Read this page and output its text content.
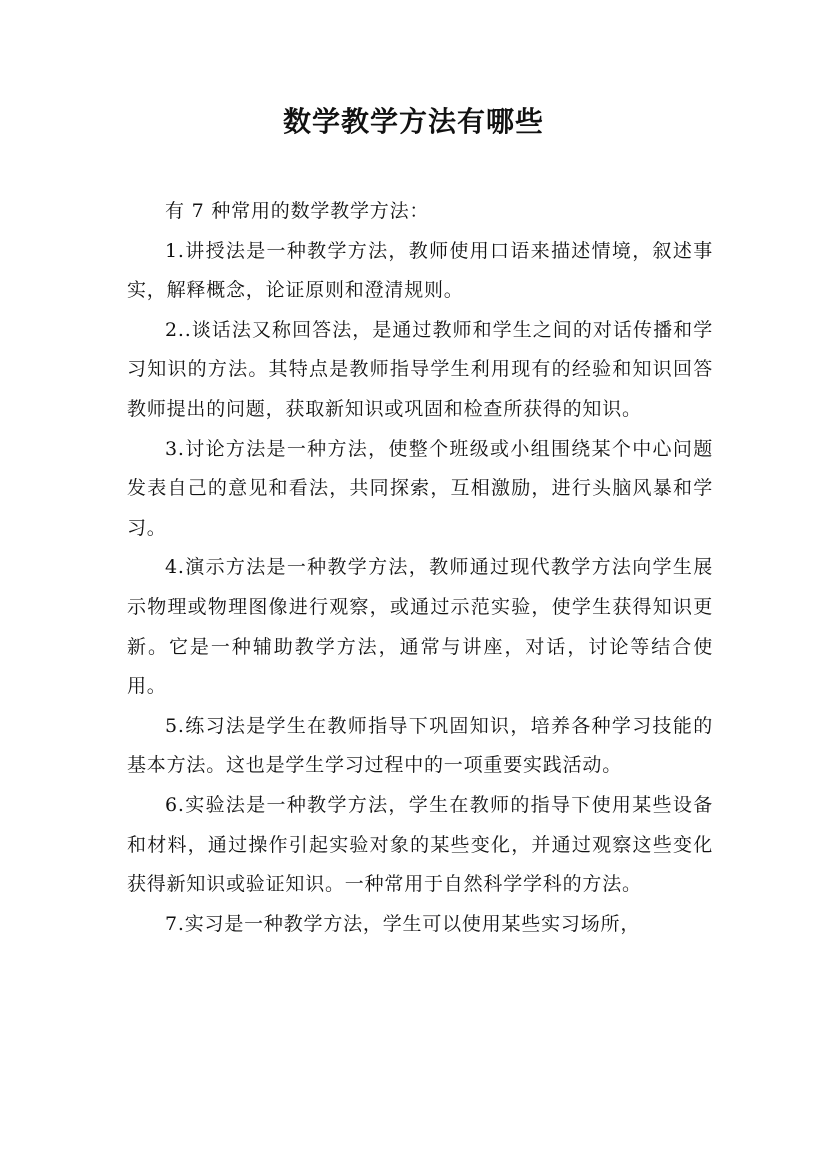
数学教学方法有哪些

有 7 种常用的数学教学方法：

1.讲授法是一种教学方法，教师使用口语来描述情境，叙述事实，解释概念，论证原则和澄清规则。

2..谈话法又称回答法，是通过教师和学生之间的对话传播和学习知识的方法。其特点是教师指导学生利用现有的经验和知识回答教师提出的问题，获取新知识或巩固和检查所获得的知识。

3.讨论方法是一种方法，使整个班级或小组围绕某个中心问题发表自己的意见和看法，共同探索，互相激励，进行头脑风暴和学习。

4.演示方法是一种教学方法，教师通过现代教学方法向学生展示物理或物理图像进行观察，或通过示范实验，使学生获得知识更新。它是一种辅助教学方法，通常与讲座，对话，讨论等结合使用。

5.练习法是学生在教师指导下巩固知识，培养各种学习技能的基本方法。这也是学生学习过程中的一项重要实践活动。

6.实验法是一种教学方法，学生在教师的指导下使用某些设备和材料，通过操作引起实验对象的某些变化，并通过观察这些变化获得新知识或验证知识。一种常用于自然科学学科的方法。

7.实习是一种教学方法，学生可以使用某些实习场所，
